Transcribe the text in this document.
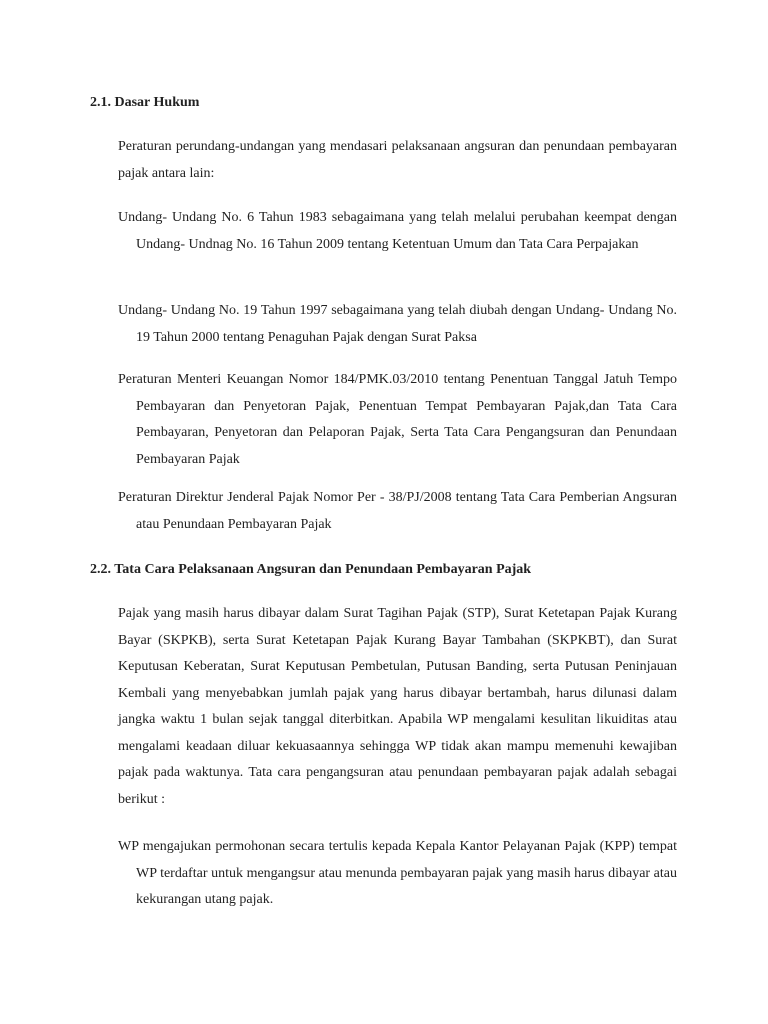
2.1. Dasar Hukum

Peraturan perundang-undangan yang mendasari pelaksanaan angsuran dan penundaan pembayaran pajak antara lain:

Undang- Undang No. 6 Tahun 1983 sebagaimana yang telah melalui perubahan keempat dengan Undang- Undnag No. 16 Tahun 2009 tentang Ketentuan Umum dan Tata Cara Perpajakan

Undang- Undang No. 19 Tahun 1997 sebagaimana yang telah diubah dengan Undang- Undang No. 19 Tahun 2000 tentang Penaguhan Pajak dengan Surat Paksa

Peraturan Menteri Keuangan Nomor 184/PMK.03/2010 tentang Penentuan Tanggal Jatuh Tempo Pembayaran dan Penyetoran Pajak, Penentuan Tempat Pembayaran Pajak,dan Tata Cara Pembayaran, Penyetoran dan Pelaporan Pajak, Serta Tata Cara Pengangsuran dan Penundaan Pembayaran Pajak

Peraturan Direktur Jenderal Pajak Nomor Per - 38/PJ/2008 tentang Tata Cara Pemberian Angsuran atau Penundaan Pembayaran Pajak

2.2. Tata Cara Pelaksanaan Angsuran dan Penundaan Pembayaran Pajak

Pajak yang masih harus dibayar dalam Surat Tagihan Pajak (STP), Surat Ketetapan Pajak Kurang Bayar (SKPKB), serta Surat Ketetapan Pajak Kurang Bayar Tambahan (SKPKBT), dan Surat Keputusan Keberatan, Surat Keputusan Pembetulan, Putusan Banding, serta Putusan Peninjauan Kembali yang menyebabkan jumlah pajak yang harus dibayar bertambah, harus dilunasi dalam jangka waktu 1 bulan sejak tanggal diterbitkan. Apabila WP mengalami kesulitan likuiditas atau mengalami keadaan diluar kekuasaannya sehingga WP tidak akan mampu memenuhi kewajiban pajak pada waktunya. Tata cara pengangsuran atau penundaan pembayaran pajak adalah sebagai berikut :

WP mengajukan permohonan secara tertulis kepada Kepala Kantor Pelayanan Pajak (KPP) tempat WP terdaftar untuk mengangsur atau menunda pembayaran pajak yang masih harus dibayar atau kekurangan utang pajak.
